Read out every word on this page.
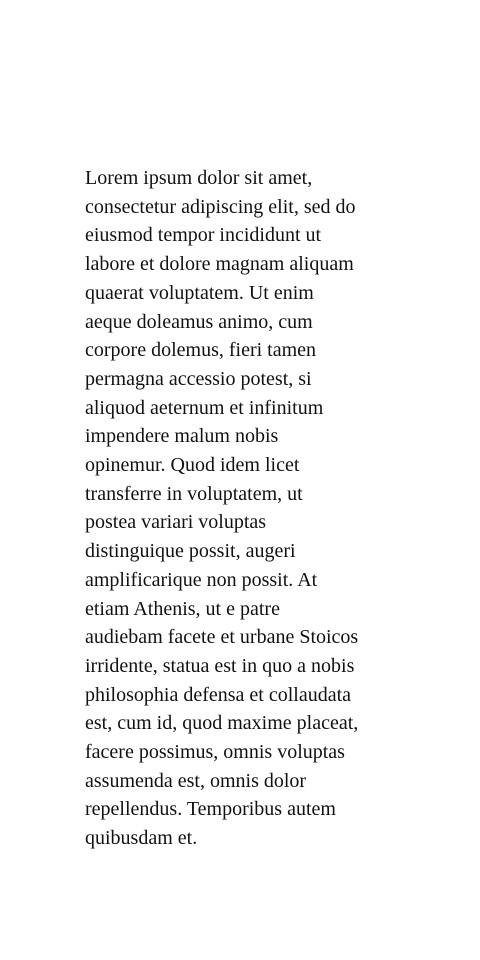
Lorem ipsum dolor sit amet,
consectetur adipiscing elit, sed do
eiusmod tempor incididunt ut
labore et dolore magnam aliquam
quaerat voluptatem. Ut enim
aeque doleamus animo, cum
corpore dolemus, fieri tamen
permagna accessio potest, si
aliquod aeternum et infinitum
impendere malum nobis
opinemur. Quod idem licet
transferre in voluptatem, ut
postea variari voluptas
distinguique possit, augeri
amplificarique non possit. At
etiam Athenis, ut e patre
audiebam facete et urbane Stoicos
irridente, statua est in quo a nobis
philosophia defensa et collaudata
est, cum id, quod maxime placeat,
facere possimus, omnis voluptas
assumenda est, omnis dolor
repellendus. Temporibus autem
quibusdam et.
